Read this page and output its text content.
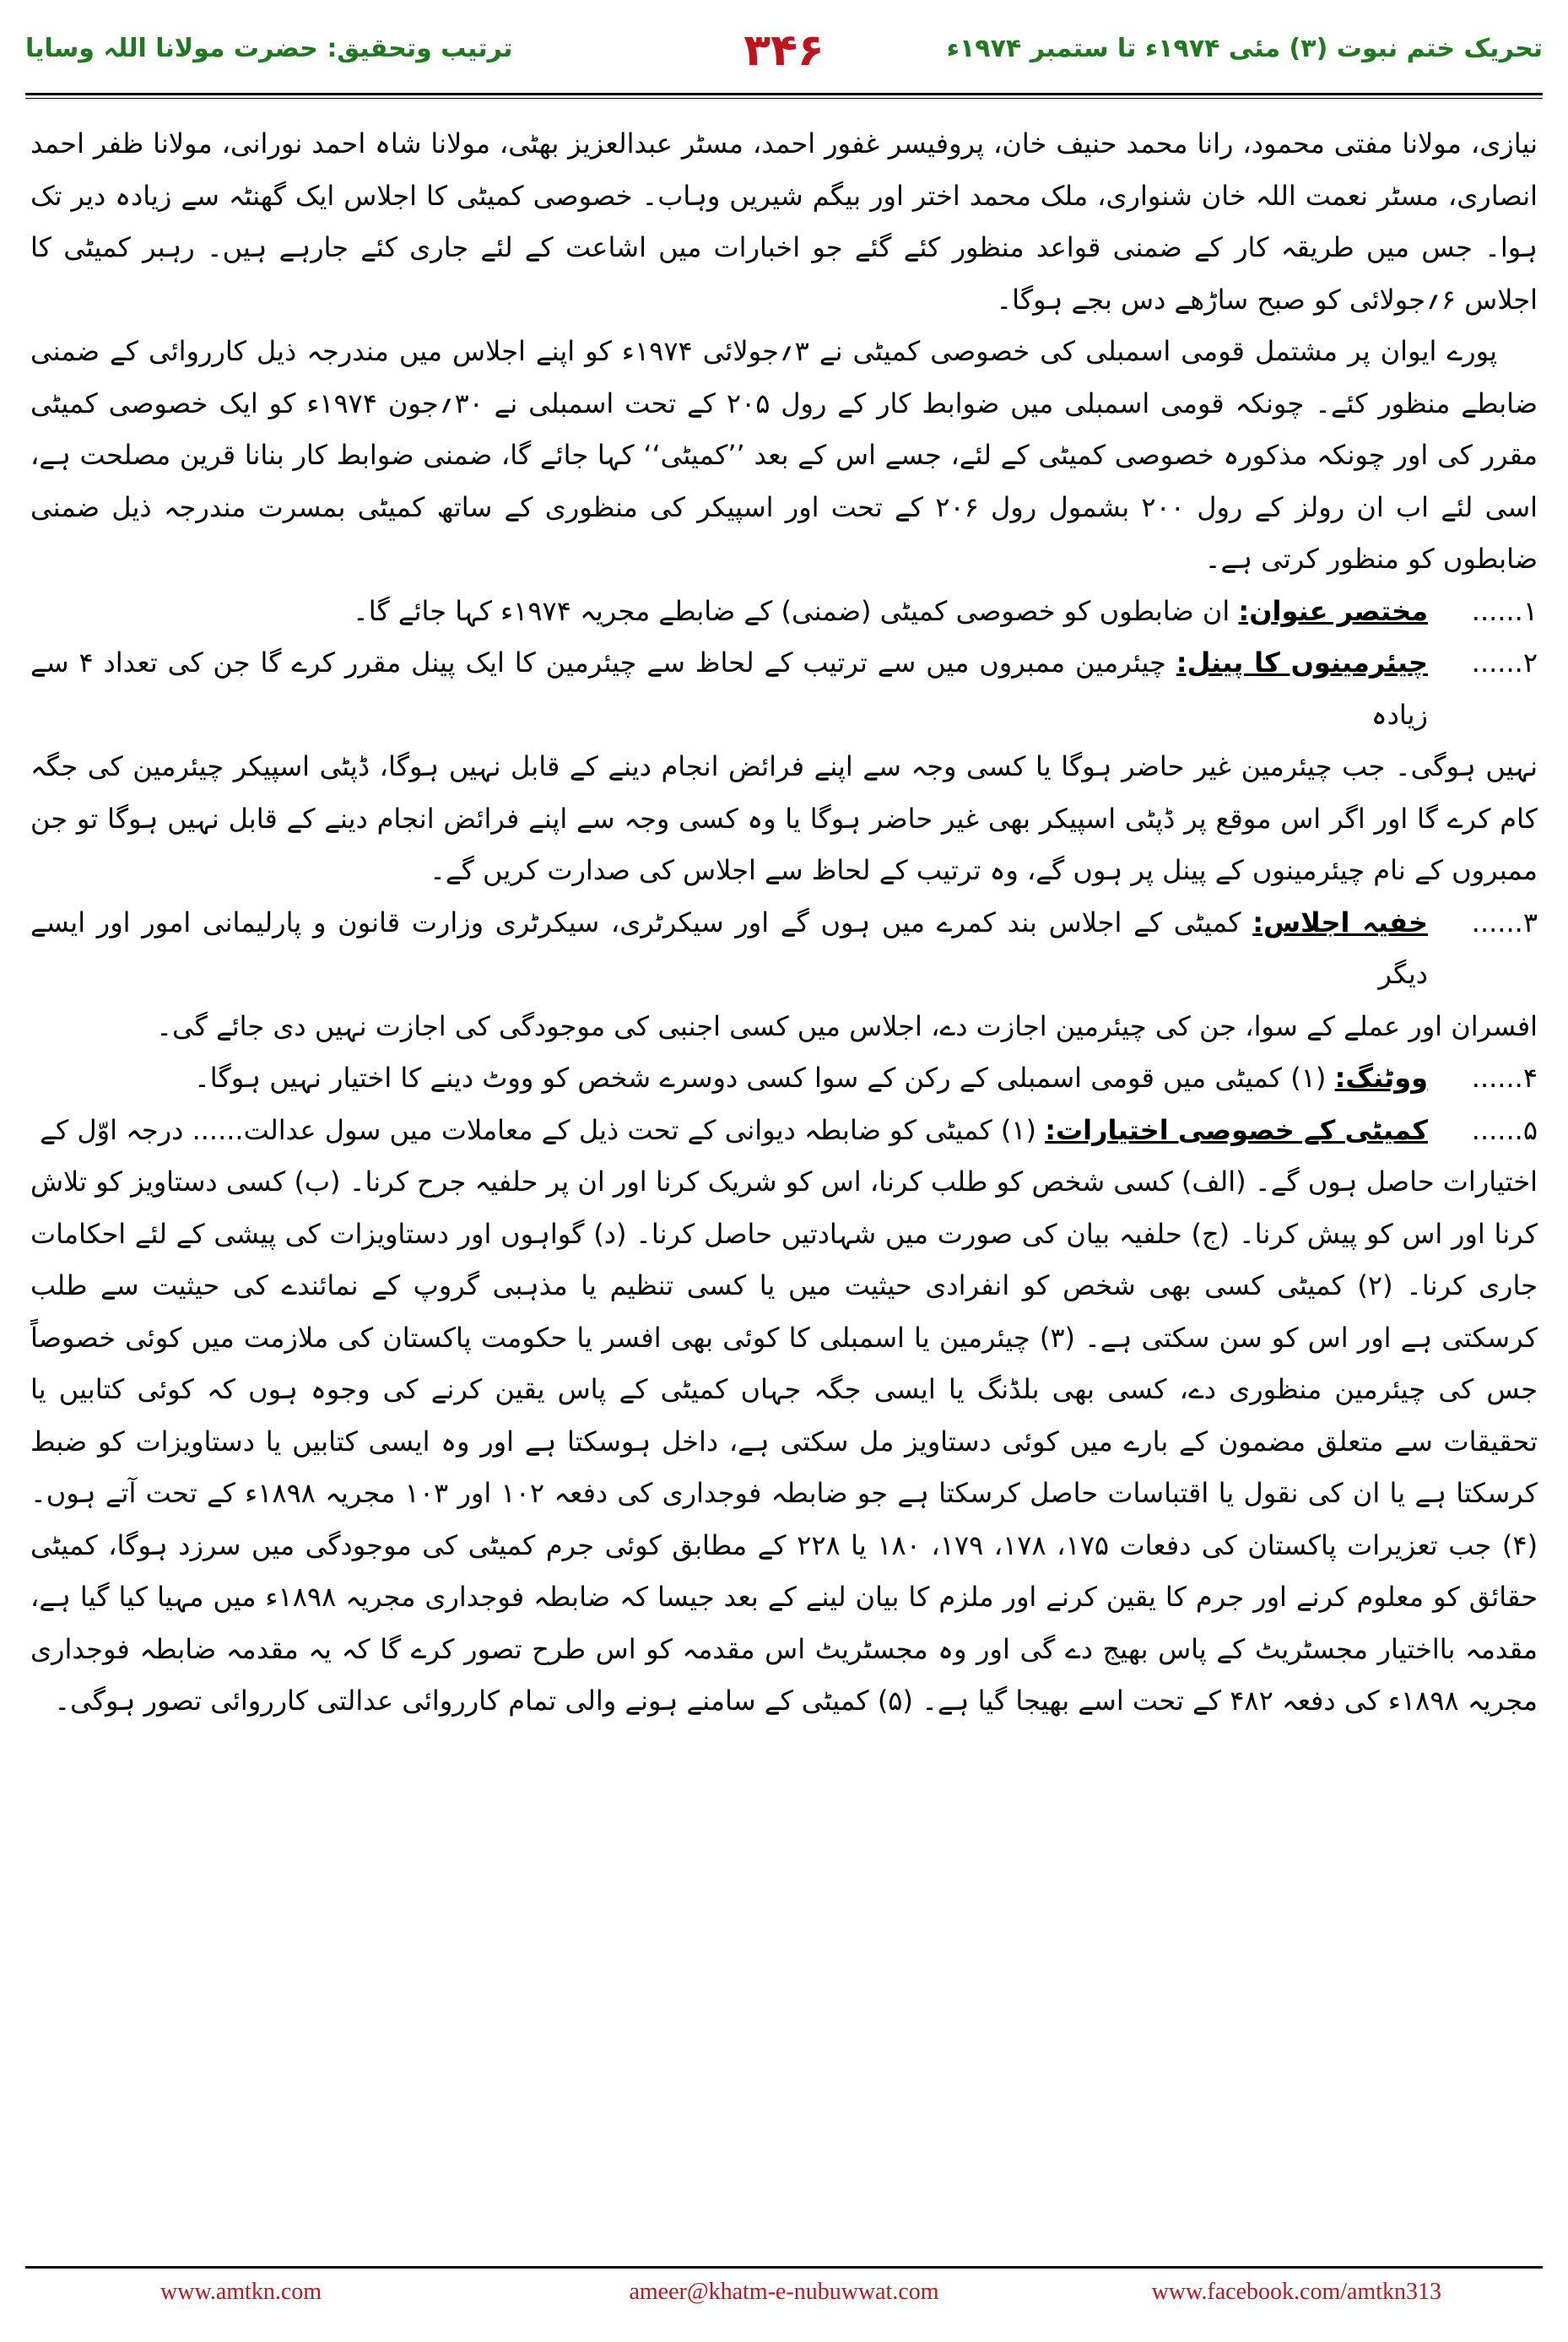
تحریک ختم نبوت (۳) مئی ۱۹۷۴ء تا ستمبر ۱۹۷۴ء
۳۴۶
ترتیب وتحقیق: حضرت مولانا اللہ وسایا

نیازی، مولانا مفتی محمود، رانا محمد حنیف خان، پروفیسر غفور احمد، مسٹر عبدالعزیز بھٹی، مولانا شاہ احمد نورانی، مولانا ظفر احمد انصاری، مسٹر نعمت اللہ خان شنواری، ملک محمد اختر اور بیگم شیریں وہاب۔ خصوصی کمیٹی کا اجلاس ایک گھنٹہ سے زیادہ دیر تک ہوا۔ جس میں طریقہ کار کے ضمنی قواعد منظور کئے گئے جو اخبارات میں اشاعت کے لئے جاری کئے جارہے ہیں۔ رہبر کمیٹی کا اجلاس ۶؍جولائی کو صبح ساڑھے دس بجے ہوگا۔

پورے ایوان پر مشتمل قومی اسمبلی کی خصوصی کمیٹی نے ۳؍جولائی ۱۹۷۴ء کو اپنے اجلاس میں مندرجہ ذیل کارروائی کے ضمنی ضابطے منظور کئے۔ چونکہ قومی اسمبلی میں ضوابط کار کے رول ۲۰۵ کے تحت اسمبلی نے ۳۰؍جون ۱۹۷۴ء کو ایک خصوصی کمیٹی مقرر کی اور چونکہ مذکورہ خصوصی کمیٹی کے لئے، جسے اس کے بعد ’’کمیٹی‘‘ کہا جائے گا، ضمنی ضوابط کار بنانا قرین مصلحت ہے، اسی لئے اب ان رولز کے رول ۲۰۰ بشمول رول ۲۰۶ کے تحت اور اسپیکر کی منظوری کے ساتھ کمیٹی بمسرت مندرجہ ذیل ضمنی ضابطوں کو منظور کرتی ہے۔

۱......
مختصر عنوان: ان ضابطوں کو خصوصی کمیٹی (ضمنی) کے ضابطے مجریہ ۱۹۷۴ء کہا جائے گا۔
۲......
چیئرمینوں کا پینل: چیئرمین ممبروں میں سے ترتیب کے لحاظ سے چیئرمین کا ایک پینل مقرر کرے گا جن کی تعداد ۴ سے زیادہ

نہیں ہوگی۔ جب چیئرمین غیر حاضر ہوگا یا کسی وجہ سے اپنے فرائض انجام دینے کے قابل نہیں ہوگا، ڈپٹی اسپیکر چیئرمین کی جگہ کام کرے گا اور اگر اس موقع پر ڈپٹی اسپیکر بھی غیر حاضر ہوگا یا وہ کسی وجہ سے اپنے فرائض انجام دینے کے قابل نہیں ہوگا تو جن ممبروں کے نام چیئرمینوں کے پینل پر ہوں گے، وہ ترتیب کے لحاظ سے اجلاس کی صدارت کریں گے۔

۳......
خفیہ اجلاس: کمیٹی کے اجلاس بند کمرے میں ہوں گے اور سیکرٹری، سیکرٹری وزارت قانون و پارلیمانی امور اور ایسے دیگر

افسران اور عملے کے سوا، جن کی چیئرمین اجازت دے، اجلاس میں کسی اجنبی کی موجودگی کی اجازت نہیں دی جائے گی۔

۴......
ووٹنگ: (۱) کمیٹی میں قومی اسمبلی کے رکن کے سوا کسی دوسرے شخص کو ووٹ دینے کا اختیار نہیں ہوگا۔
۵......
کمیٹی کے خصوصی اختیارات: (۱) کمیٹی کو ضابطہ دیوانی کے تحت ذیل کے معاملات میں سول عدالت...... درجہ اوّل کے

اختیارات حاصل ہوں گے۔ (الف) کسی شخص کو طلب کرنا، اس کو شریک کرنا اور ان پر حلفیہ جرح کرنا۔ (ب) کسی دستاویز کو تلاش کرنا اور اس کو پیش کرنا۔ (ج) حلفیہ بیان کی صورت میں شہادتیں حاصل کرنا۔ (د) گواہوں اور دستاویزات کی پیشی کے لئے احکامات جاری کرنا۔ (۲) کمیٹی کسی بھی شخص کو انفرادی حیثیت میں یا کسی تنظیم یا مذہبی گروپ کے نمائندے کی حیثیت سے طلب کرسکتی ہے اور اس کو سن سکتی ہے۔ (۳) چیئرمین یا اسمبلی کا کوئی بھی افسر یا حکومت پاکستان کی ملازمت میں کوئی خصوصاً جس کی چیئرمین منظوری دے، کسی بھی بلڈنگ یا ایسی جگہ جہاں کمیٹی کے پاس یقین کرنے کی وجوہ ہوں کہ کوئی کتابیں یا تحقیقات سے متعلق مضمون کے بارے میں کوئی دستاویز مل سکتی ہے، داخل ہوسکتا ہے اور وہ ایسی کتابیں یا دستاویزات کو ضبط کرسکتا ہے یا ان کی نقول یا اقتباسات حاصل کرسکتا ہے جو ضابطہ فوجداری کی دفعہ ۱۰۲ اور ۱۰۳ مجریہ ۱۸۹۸ء کے تحت آتے ہوں۔ (۴) جب تعزیرات پاکستان کی دفعات ۱۷۵، ۱۷۸، ۱۷۹، ۱۸۰ یا ۲۲۸ کے مطابق کوئی جرم کمیٹی کی موجودگی میں سرزد ہوگا، کمیٹی حقائق کو معلوم کرنے اور جرم کا یقین کرنے اور ملزم کا بیان لینے کے بعد جیسا کہ ضابطہ فوجداری مجریہ ۱۸۹۸ء میں مہیا کیا گیا ہے، مقدمہ بااختیار مجسٹریٹ کے پاس بھیج دے گی اور وہ مجسٹریٹ اس مقدمہ کو اس طرح تصور کرے گا کہ یہ مقدمہ ضابطہ فوجداری مجریہ ۱۸۹۸ء کی دفعہ ۴۸۲ کے تحت اسے بھیجا گیا ہے۔ (۵) کمیٹی کے سامنے ہونے والی تمام کارروائی عدالتی کارروائی تصور ہوگی۔

www.amtkn.com	ameer@khatm-e-nubuwwat.com	www.facebook.com/amtkn313
